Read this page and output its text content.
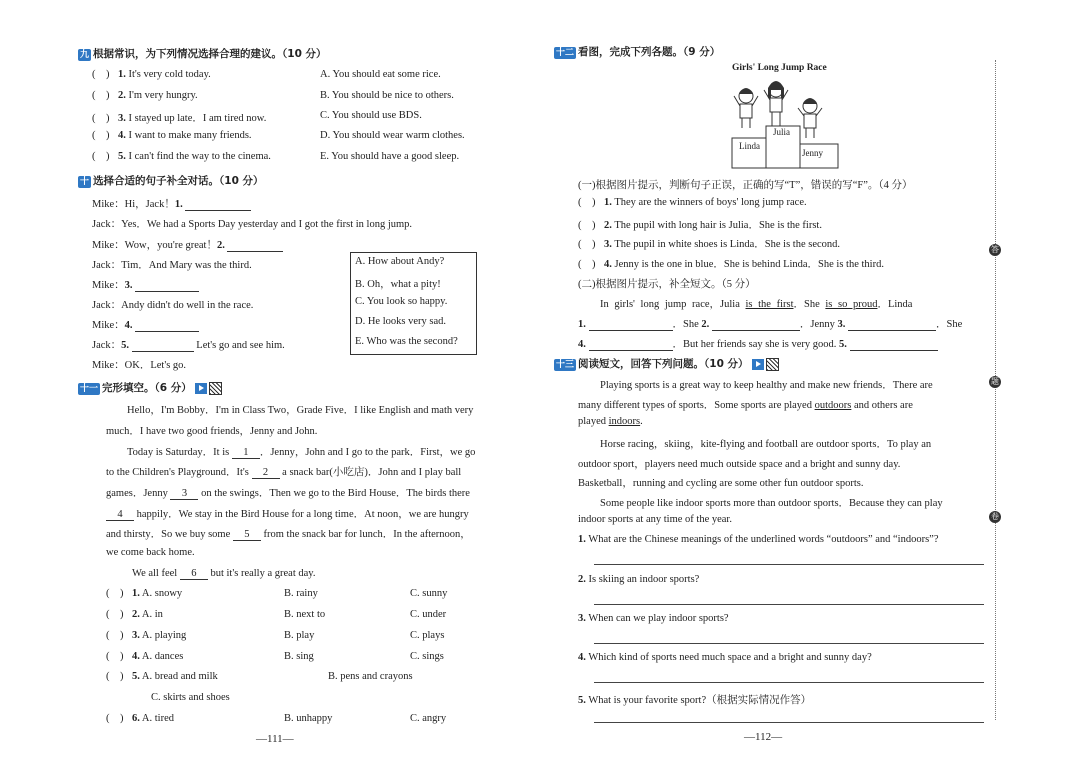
九 根据常识，为下列情况选择合理的建议。（10 分）
(    ) 1. It's very cold today.
(    ) 2. I'm very hungry.
(    ) 3. I stayed up late．I am tired now.
(    ) 4. I want to make many friends.
(    ) 5. I can't find the way to the cinema.
A. You should eat some rice.
B. You should be nice to others.
C. You should use BDS.
D. You should wear warm clothes.
E. You should have a good sleep.
十 选择合适的句子补全对话。（10 分）
Mike：Hi，Jack！1.
Jack：Yes．We had a Sports Day yesterday and I got the first in long jump.
Mike：Wow，you're great！2.
Jack：Tim．And Mary was the third.
Mike：3.
Jack：Andy didn't do well in the race.
Mike：4.
Jack：5.	Let's go and see him.
Mike：OK．Let's go.
A. How about Andy?
B. Oh，what a pity!
C. You look so happy.
D. He looks very sad.
E. Who was the second?
十一 完形填空。（6 分）
Hello，I'm Bobby．I'm in Class Two，Grade Five．I like English and math very
much．I have two good friends，Jenny and John.
Today is Saturday．It is 1 ．Jenny，John and I go to the park．First，we go
to the Children's Playground．It's 2 a snack bar(小吃店)．John and I play ball
games．Jenny 3 on the swings．Then we go to the Bird House．The birds there
4 happily．We stay in the Bird House for a long time．At noon，we are hungry
and thirsty．So we buy some 5 from the snack bar for lunch．In the afternoon，
we come back home.
We all feel 6 but it's really a great day.
(    ) 1. A. snowy	B. rainy	C. sunny
(    ) 2. A. in	B. next to	C. under
(    ) 3. A. playing	B. play	C. plays
(    ) 4. A. dances	B. sing	C. sings
(    ) 5. A. bread and milk	B. pens and crayons
C. skirts and shoes
(    ) 6. A. tired	B. unhappy	C. angry
—111—
十二 看图，完成下列各题。（9 分）
Girls' Long Jump Race
Julia
Linda
Jenny
(一)根据图片提示，判断句子正误，正确的写“T”，错误的写“F”。（4 分）
(    ) 1. They are the winners of boys' long jump race.
(    ) 2. The pupil with long hair is Julia．She is the first.
(    ) 3. The pupil in white shoes is Linda．She is the second.
(    ) 4. Jenny is the one in blue．She is behind Linda．She is the third.
(二)根据图片提示，补全短文。（5 分）
In girls' long jump race，Julia is the first．She is so proud．Linda
1.	．She 2.	．Jenny 3.	．She
4.	．But her friends say she is very good. 5.
十三 阅读短文，回答下列问题。（10 分）
Playing sports is a great way to keep healthy and make new friends．There are
many different types of sports．Some sports are played outdoors and others are
played indoors.
Horse racing，skiing，kite-flying and football are outdoor sports．To play an
outdoor sport，players need much outside space and a bright and sunny day.
Basketball，running and cycling are some other fun outdoor sports.
Some people like indoor sports more than outdoor sports．Because they can play
indoor sports at any time of the year.
1. What are the Chinese meanings of the underlined words “outdoors” and “indoors”?
2. Is skiing an indoor sports?
3. When can we play indoor sports?
4. Which kind of sports need much space and a bright and sunny day?
5. What is your favorite sport?（根据实际情况作答）
—112—
答
题
卷
